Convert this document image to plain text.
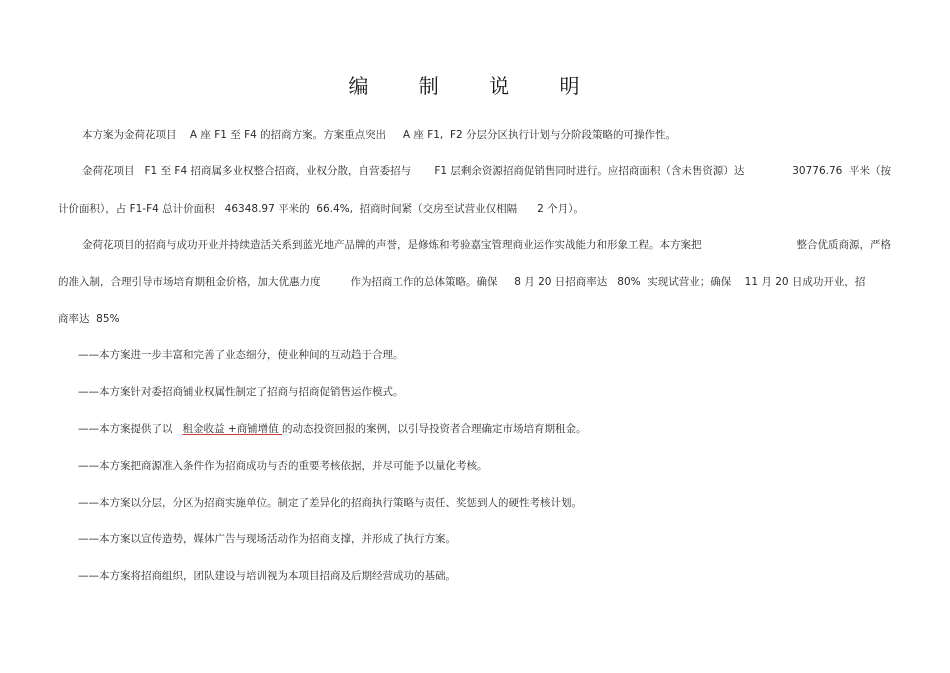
编 制 说 明
本方案为金荷花项目    A 座 F1 至 F4 的招商方案。方案重点突出     A 座 F1,  F2 分层分区执行计划与分阶段策略的可操作性。
金荷花项目   F1 至 F4 招商属多业权整合招商，业权分散，自营委招与       F1 层剩余资源招商促销售同时进行。应招商面积（含未售资源）达	30776.76  平米（按
计价面积），占 F1-F4 总计价面积   46348.97 平米的  66.4%,  招商时间紧（交房至试营业仅相隔      2 个月）。
金荷花项目的招商与成功开业并持续造活关系到蓝光地产品牌的声誉，是修炼和考验嘉宝管理商业运作实战能力和形象工程。本方案把	整合优质商源，严格
的准入制，合理引导市场培育期租金价格，加大优惠力度         作为招商工作的总体策略。确保     8 月 20 日招商率达   80%  实现试营业；确保    11 月 20 日成功开业，招
商率达  85%
——本方案进一步丰富和完善了业态细分，使业种间的互动趋于合理。
——本方案针对委招商铺业权属性制定了招商与招商促销售运作模式。
——本方案提供了以   租金收益 +商铺增值 的动态投资回报的案例，以引导投资者合理确定市场培育期租金。
——本方案把商源准入条件作为招商成功与否的重要考核依据，并尽可能予以量化考核。
——本方案以分层，分区为招商实施单位。制定了差异化的招商执行策略与责任、奖惩到人的硬性考核计划。
——本方案以宣传造势，媒体广告与现场活动作为招商支撑，并形成了执行方案。
——本方案将招商组织，团队建设与培训视为本项目招商及后期经营成功的基础。
